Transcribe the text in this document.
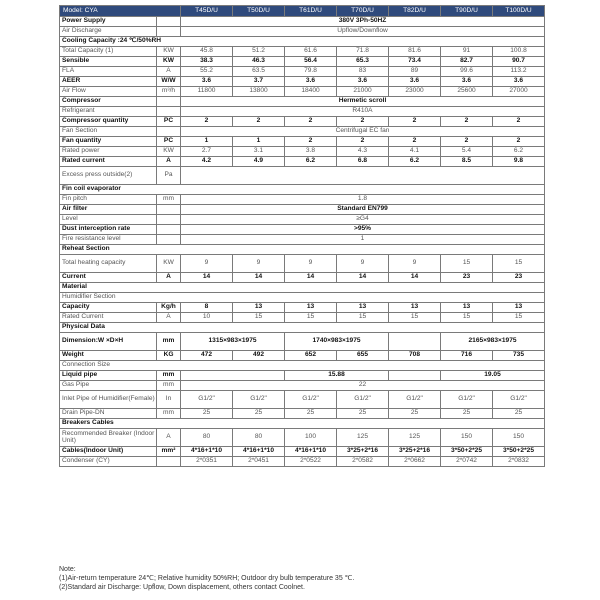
Model: CYA		T45D/U	T50D/U	T61D/U	T70D/U	T82D/U	T90D/U	T100D/U
Power Supply		380V 3Ph-50HZ						
Air Discharge		Upflow/Downflow						
Cooling Capacity :24 ℃/50%RH								
Total Capacity (1)	KW	45.8	51.2	61.6	71.8	81.6	91	100.8
Sensible	KW	38.3	46.3	56.4	65.3	73.4	82.7	90.7
FLA	A	55.2	63.5	79.8	83	89	99.6	113.2
AEER	W/W	3.6	3.7	3.6	3.6	3.6	3.6	3.6
Air Flow	m³/h	11800	13800	18400	21000	23000	25600	27000
Compressor		Hermetic scroll						
Refrigerant		R410A						
Compressor quantity	PC	2	2	2	2	2	2	2
Fan Section		Centrifugal EC fan						
Fan quantity	PC	1	1	2	2	2	2	2
Rated power	KW	2.7	3.1	3.8	4.3	4.1	5.4	6.2
Rated current	A	4.2	4.9	6.2	6.8	6.2	8.5	9.8
Excess press outside(2)	Pa							
Fin coil evaporator								
Fin pitch	mm	1.8						
Air filter		Standard EN799						
Level		≥G4						
Dust interception rate		>95%						
Fire resistance level		1						
Reheat Section								
Total heating capacity	KW	9	9	9	9	9	15	15
Current	A	14	14	14	14	14	23	23
Material								
Humidifier Section								
Capacity	Kg/h	8	13	13	13	13	13	13
Rated Current	A	10	15	15	15	15	15	15
Physical Data								
Dimension:W ×D×H	mm	1315×983×1975		1740×983×1975			2165×983×1975	
Weight	KG	472	492	652	655	708	716	735
Connection Size								
Liquid pipe	mm			15.88			19.05	
Gas Pipe	mm	22						
Inlet Pipe of Humidifier(Female)	In	G1/2"	G1/2"	G1/2"	G1/2"	G1/2"	G1/2"	G1/2"
Drain Pipe-DN	mm	25	25	25	25	25	25	25
Breakers Cables								
Recommended Breaker (Indoor Unit)	A	80	80	100	125	125	150	150
Cables(Indoor Unit)	mm²	4*16+1*10	4*16+1*10	4*16+1*10	3*25+2*16	3*25+2*16	3*50+2*25	3*50+2*25
Condenser (CY)		2*0351	2*0451	2*0522	2*0582	2*0662	2*0742	2*0832
Note:
(1)Air-return temperature 24℃; Relative humidity 50%RH; Outdoor dry bulb temperature 35 ℃.
(2)Standard air Discharge: Upflow, Down displacement, others contact Coolnet.
